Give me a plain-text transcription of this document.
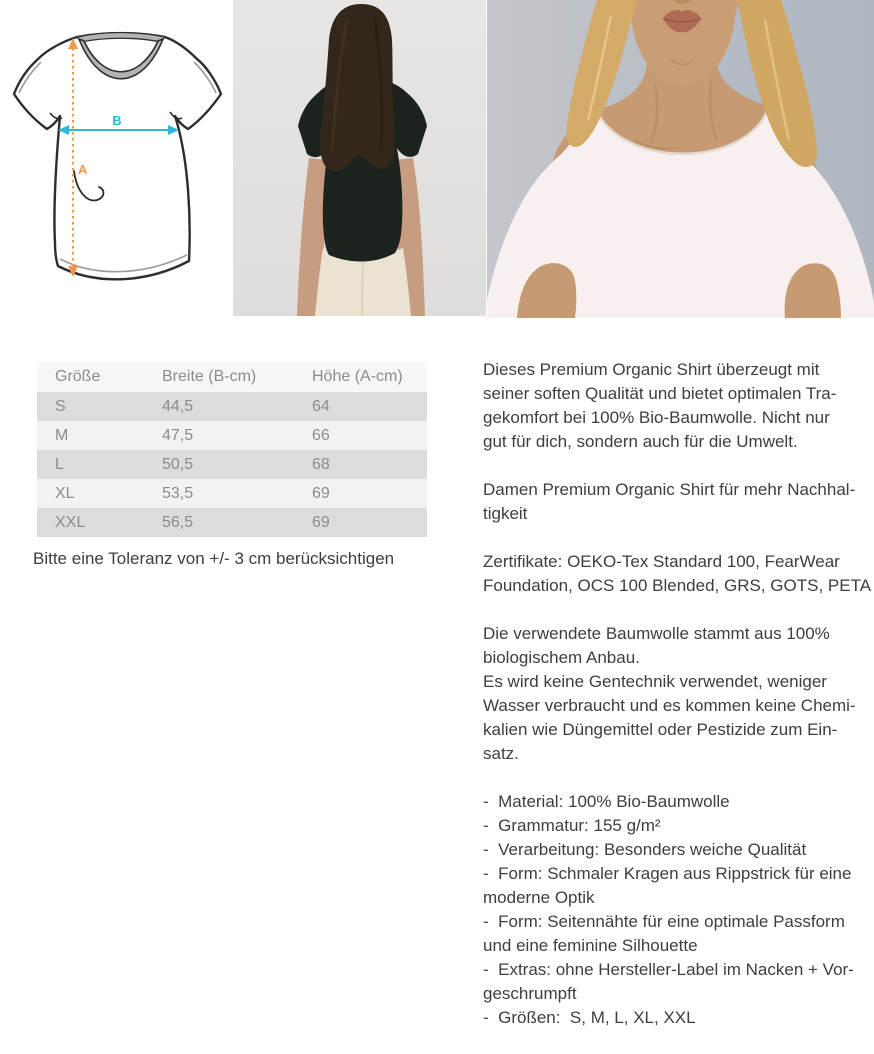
A
B
Größe	Breite (B-cm)	Höhe (A-cm)
S	44,5	64
M	47,5	66
L	50,5	68
XL	53,5	69
XXL	56,5	69
Bitte eine Toleranz von +/- 3 cm berücksichtigen
Dieses Premium Organic Shirt überzeugt mit
seiner soften Qualität und bietet optimalen Tra-
gekomfort bei 100% Bio-Baumwolle. Nicht nur
gut für dich, sondern auch für die Umwelt.
Damen Premium Organic Shirt für mehr Nachhal-
tigkeit
Zertifikate: OEKO-Tex Standard 100, FearWear
Foundation, OCS 100 Blended, GRS, GOTS, PETA
Die verwendete Baumwolle stammt aus 100%
biologischem Anbau.
Es wird keine Gentechnik verwendet, weniger
Wasser verbraucht und es kommen keine Chemi-
kalien wie Düngemittel oder Pestizide zum Ein-
satz.
-  Material: 100% Bio-Baumwolle
-  Grammatur: 155 g/m²
-  Verarbeitung: Besonders weiche Qualität
-  Form: Schmaler Kragen aus Rippstrick für eine
moderne Optik
-  Form: Seitennähte für eine optimale Passform
und eine feminine Silhouette
-  Extras: ohne Hersteller-Label im Nacken + Vor-
geschrumpft
-  Größen:  S, M, L, XL, XXL
